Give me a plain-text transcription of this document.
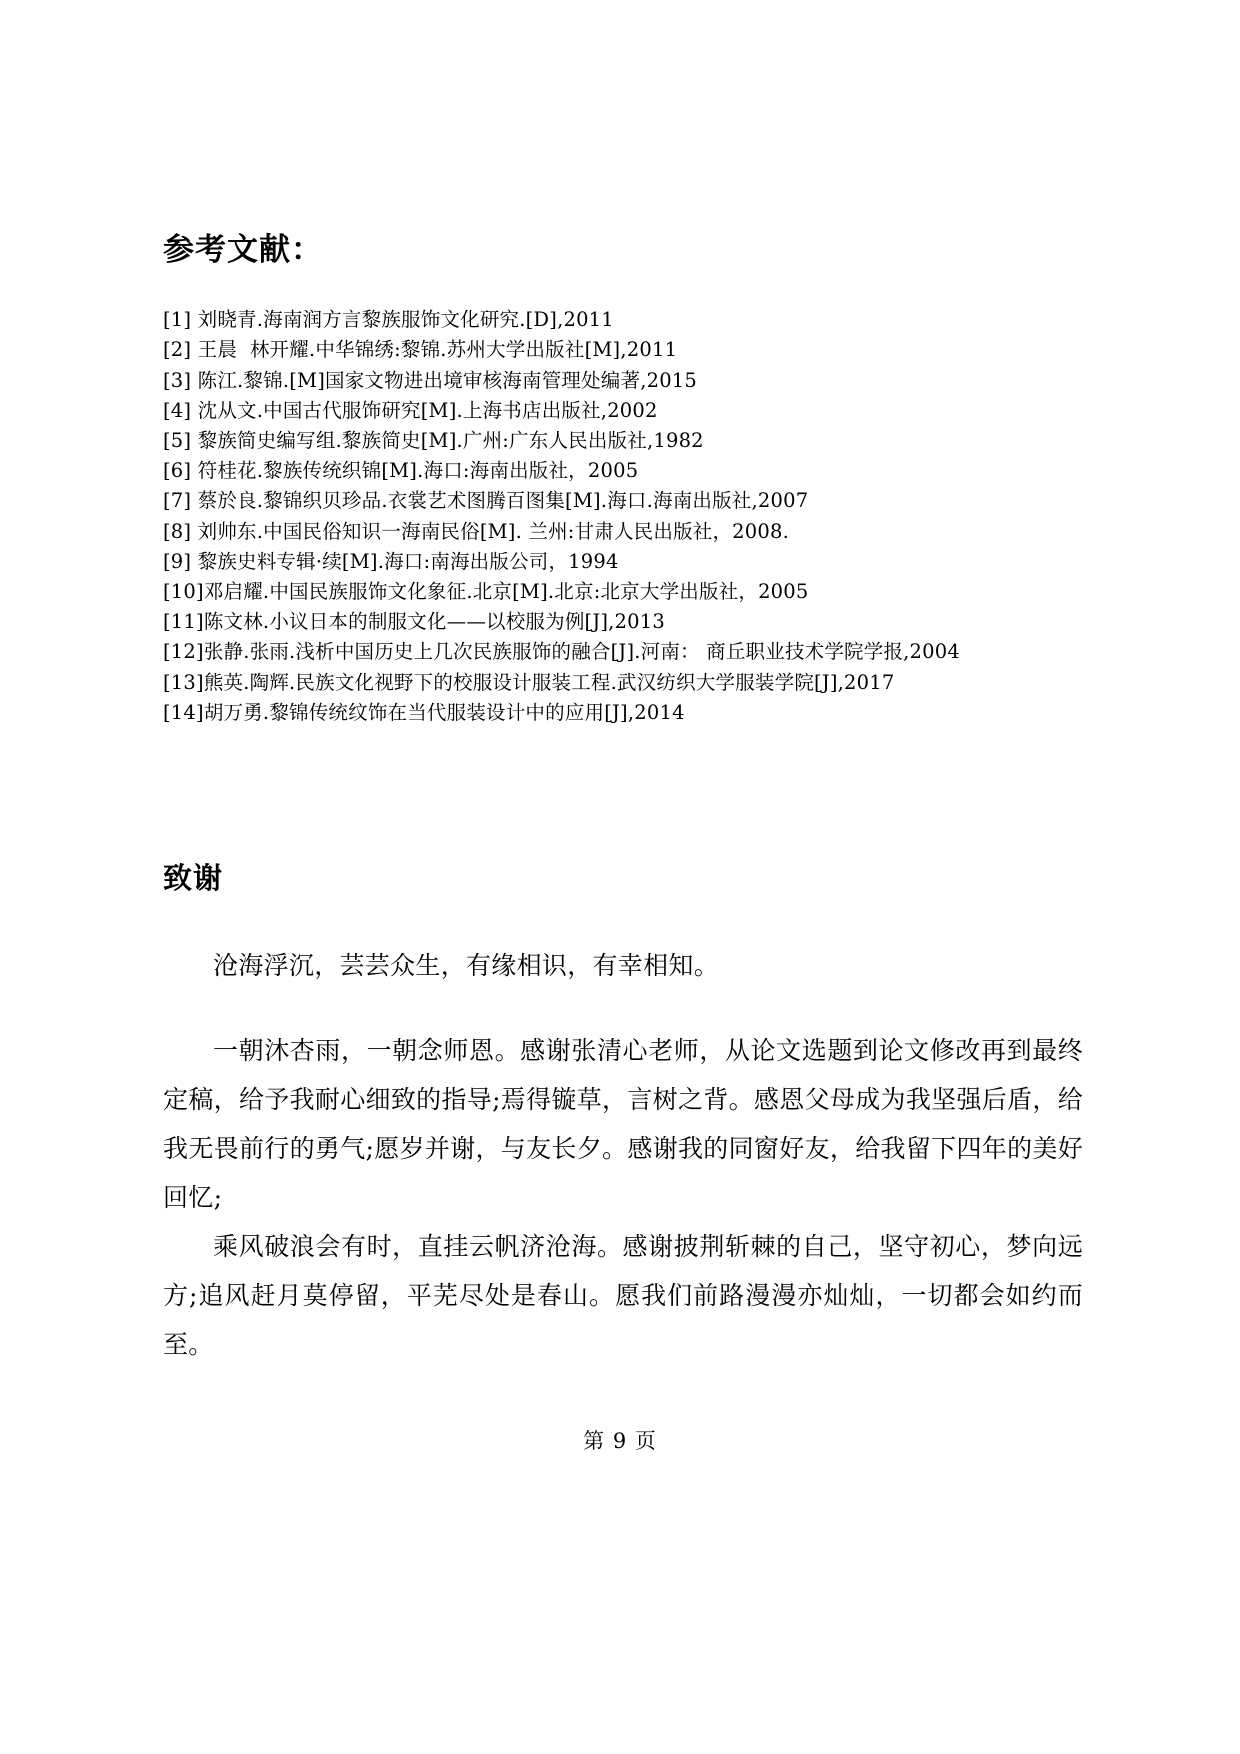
参考文献：
[1] 刘晓青.海南润方言黎族服饰文化研究.[D],2011
[2] 王晨  林开耀.中华锦绣:黎锦.苏州大学出版社[M],2011
[3] 陈江.黎锦.[M]国家文物进出境审核海南管理处编著,2015
[4] 沈从文.中国古代服饰研究[M].上海书店出版社,2002
[5] 黎族简史编写组.黎族简史[M].广州:广东人民出版社,1982
[6] 符桂花.黎族传统织锦[M].海口:海南出版社，2005
[7] 蔡於良.黎锦织贝珍品.衣裳艺术图腾百图集[M].海口.海南出版社,2007
[8] 刘帅东.中国民俗知识一海南民俗[M]. 兰州:甘肃人民出版社，2008.
[9] 黎族史料专辑·续[M].海口:南海出版公司，1994
[10]邓启耀.中国民族服饰文化象征.北京[M].北京:北京大学出版社，2005
[11]陈文林.小议日本的制服文化——以校服为例[J],2013
[12]张静.张雨.浅析中国历史上几次民族服饰的融合[J].河南： 商丘职业技术学院学报,2004
[13]熊英.陶辉.民族文化视野下的校服设计服装工程.武汉纺织大学服装学院[J],2017
[14]胡万勇.黎锦传统纹饰在当代服装设计中的应用[J],2014
致谢

沧海浮沉，芸芸众生，有缘相识，有幸相知。

一朝沐杏雨，一朝念师恩。感谢张清心老师，从论文选题到论文修改再到最终定稿，给予我耐心细致的指导;焉得镟草，言树之背。感恩父母成为我坚强后盾，给我无畏前行的勇气;愿岁并谢，与友长夕。感谢我的同窗好友，给我留下四年的美好回忆;

乘风破浪会有时，直挂云帆济沧海。感谢披荆斩棘的自己，坚守初心，梦向远方;追风赶月莫停留，平芜尽处是春山。愿我们前路漫漫亦灿灿，一切都会如约而至。

第 9 页
